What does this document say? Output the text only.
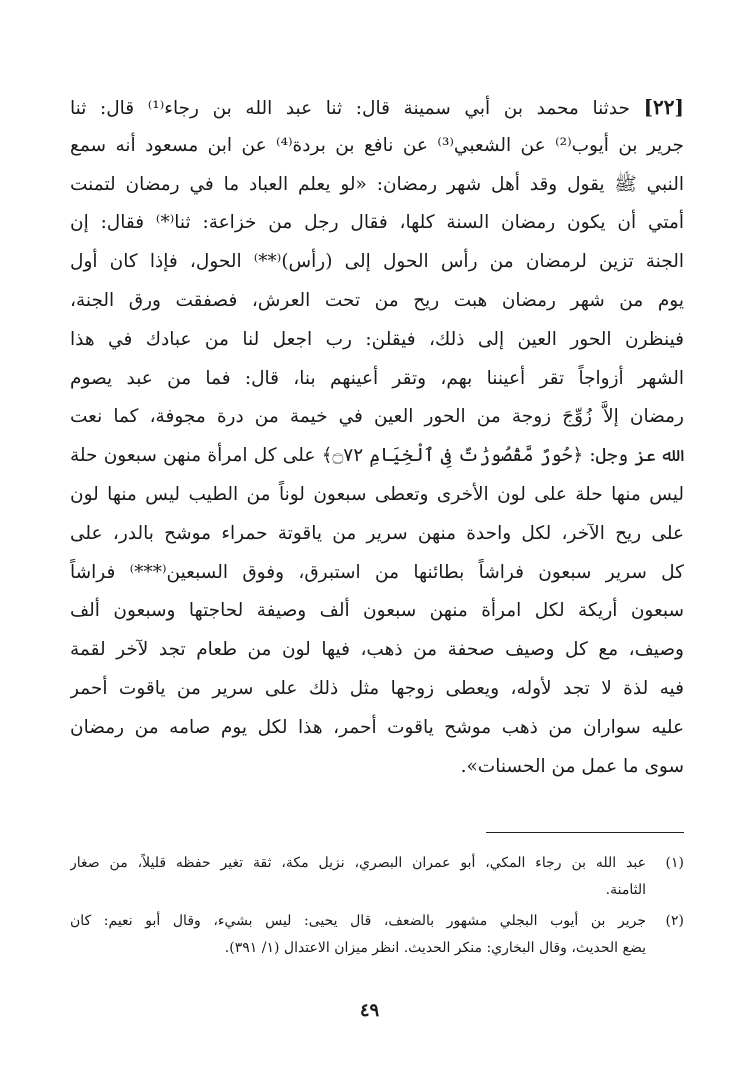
[٢٢] حدثنا محمد بن أبي سمينة قال: ثنا عبد الله بن رجاء⁽¹⁾ قال: ثنا
جرير بن أيوب⁽²⁾ عن الشعبي⁽³⁾ عن نافع بن بردة⁽⁴⁾ عن ابن مسعود أنه سمع
النبي ﷺ يقول وقد أهل شهر رمضان: «لو يعلم العباد ما في رمضان لتمنت
أمتي أن يكون رمضان السنة كلها، فقال رجل من خزاعة: ثنا⁽*⁾ فقال: إن
الجنة تزين لرمضان من رأس الحول إلى (رأس)⁽**⁾ الحول، فإذا كان أول
يوم من شهر رمضان هبت ريح من تحت العرش، فصفقت ورق الجنة،
فينظرن الحور العين إلى ذلك، فيقلن: رب اجعل لنا من عبادك في هذا
الشهر أزواجاً تقر أعيننا بهم، وتقر أعينهم بنا، قال: فما من عبد يصوم
رمضان إلاَّ زُوِّجَ زوجة من الحور العين في خيمة من درة مجوفة، كما نعت
الله عز وجل: ﴿حُورٌ مَّقْصُورَٰتٌ فِى ٱلْخِيَامِ ۝٧٢﴾ على كل امرأة منهن سبعون حلة
ليس منها حلة على لون الأخرى وتعطى سبعون لوناً من الطيب ليس منها لون
على ريح الآخر، لكل واحدة منهن سرير من ياقوتة حمراء موشح بالدر، على
كل سرير سبعون فراشاً بطائنها من استبرق، وفوق السبعين⁽***⁾ فراشاً
سبعون أريكة لكل امرأة منهن سبعون ألف وصيفة لحاجتها وسبعون ألف
وصيف، مع كل وصيف صحفة من ذهب، فيها لون من طعام تجد لآخر لقمة
فيه لذة لا تجد لأوله، ويعطى زوجها مثل ذلك على سرير من ياقوت أحمر
عليه سواران من ذهب موشح ياقوت أحمر، هذا لكل يوم صامه من رمضان
سوى ما عمل من الحسنات».
(١)
عبد الله بن رجاء المكي، أبو عمران البصري، نزيل مكة، ثقة تغير حفظه قليلاً، من صغار
الثامنة.
(٢)
جرير بن أيوب البجلي مشهور بالضعف، قال يحيى: ليس بشيء، وقال أبو نعيم: كان
يضع الحديث، وقال البخاري: منكر الحديث. انظر ميزان الاعتدال (١/ ٣٩١).
٤٩
